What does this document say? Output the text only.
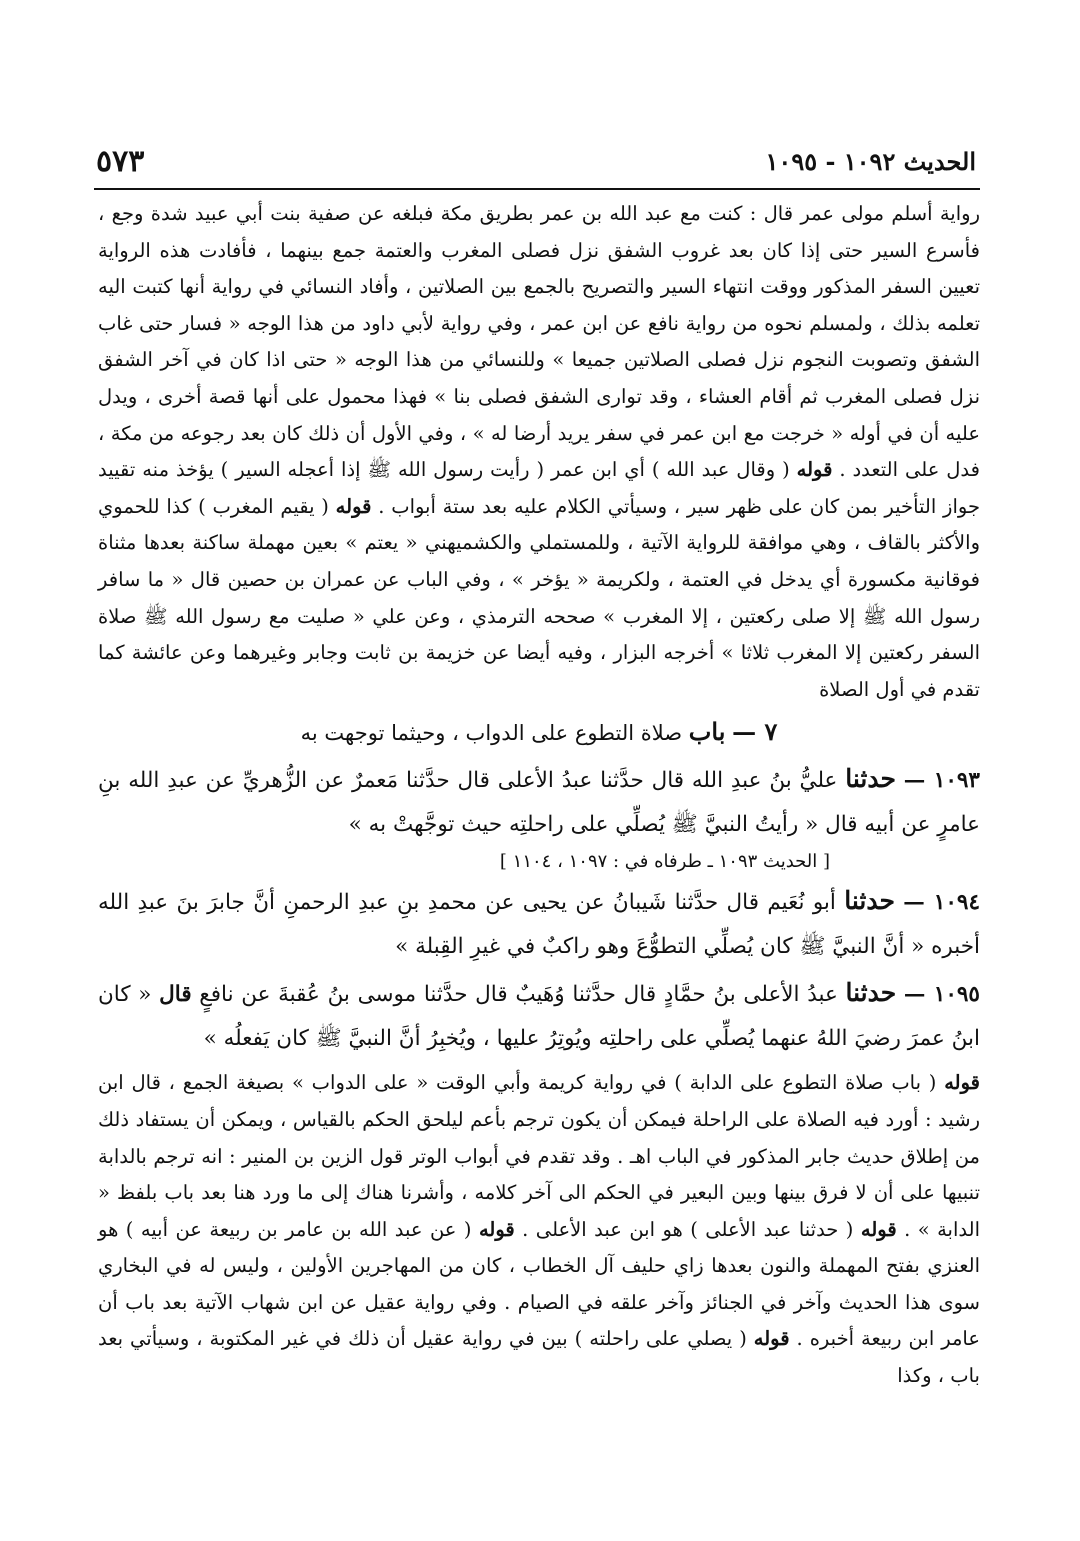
الحديث ١٠٩٢ - ١٠٩٥
٥٧٣

رواية أسلم مولى عمر قال : كنت مع عبد الله بن عمر بطريق مكة فبلغه عن صفية بنت أبي عبيد شدة وجع ، فأسرع السير حتى إذا كان بعد غروب الشفق نزل فصلى المغرب والعتمة جمع بينهما ، فأفادت هذه الرواية تعيين السفر المذكور ووقت انتهاء السير والتصريح بالجمع بين الصلاتين ، وأفاد النسائي في رواية أنها كتبت اليه تعلمه بذلك ، ولمسلم نحوه من رواية نافع عن ابن عمر ، وفي رواية لأبي داود من هذا الوجه « فسار حتى غاب الشفق وتصوبت النجوم نزل فصلى الصلاتين جميعا » وللنسائي من هذا الوجه « حتى اذا كان في آخر الشفق نزل فصلى المغرب ثم أقام العشاء ، وقد توارى الشفق فصلى بنا » فهذا محمول على أنها قصة أخرى ، ويدل عليه أن في أوله « خرجت مع ابن عمر في سفر يريد أرضا له » ، وفي الأول أن ذلك كان بعد رجوعه من مكة ، فدل على التعدد . قوله ( وقال عبد الله ) أي ابن عمر ( رأيت رسول الله ﷺ إذا أعجله السير ) يؤخذ منه تقييد جواز التأخير بمن كان على ظهر سير ، وسيأتي الكلام عليه بعد ستة أبواب . قوله ( يقيم المغرب ) كذا للحموي والأكثر بالقاف ، وهي موافقة للرواية الآتية ، وللمستملي والكشميهني « يعتم » بعين مهملة ساكنة بعدها مثناة فوقانية مكسورة أي يدخل في العتمة ، ولكريمة « يؤخر » ، وفي الباب عن عمران بن حصين قال « ما سافر رسول الله ﷺ إلا صلى ركعتين ، إلا المغرب » صححه الترمذي ، وعن علي « صليت مع رسول الله ﷺ صلاة السفر ركعتين إلا المغرب ثلاثا » أخرجه البزار ، وفيه أيضا عن خزيمة بن ثابت وجابر وغيرهما وعن عائشة كما تقدم في أول الصلاة

٧ — باب صلاة التطوع على الدواب ، وحيثما توجهت به
١٠٩٣ — حدثنا عليُّ بنُ عبدِ الله قال حدَّثنا عبدُ الأعلى قال حدَّثنا مَعمرٌ عن الزُّهريِّ عن عبدِ الله بنِ عامرٍ عن أبيه قال « رأيتُ النبيَّ ﷺ يُصلِّي على راحلتِه حيث توجَّهتْ به »
[ الحديث ١٠٩٣ ـ طرفاه في : ١٠٩٧ ، ١١٠٤ ]
١٠٩٤ — حدثنا أبو نُعَيم قال حدَّثنا شَيبانُ عن يحيى عن محمدِ بنِ عبدِ الرحمنِ أنَّ جابرَ بنَ عبدِ الله أخبره « أنَّ النبيَّ ﷺ كان يُصلِّي التطوُّعَ وهو راكبٌ في غيرِ القِبلة »
١٠٩٥ — حدثنا عبدُ الأعلى بنُ حمَّادٍ قال حدَّثنا وُهَيبٌ قال حدَّثنا موسى بنُ عُقبةَ عن نافعٍ قال « كان ابنُ عمرَ رضيَ اللهُ عنهما يُصلِّي على راحلتِه ويُوتِرُ عليها ، ويُخبِرُ أنَّ النبيَّ ﷺ كان يَفعلُه »

قوله ( باب صلاة التطوع على الدابة ) في رواية كريمة وأبي الوقت « على الدواب » بصيغة الجمع ، قال ابن رشيد : أورد فيه الصلاة على الراحلة فيمكن أن يكون ترجم بأعم ليلحق الحكم بالقياس ، ويمكن أن يستفاد ذلك من إطلاق حديث جابر المذكور في الباب اهـ . وقد تقدم في أبواب الوتر قول الزين بن المنير : انه ترجم بالدابة تنبيها على أن لا فرق بينها وبين البعير في الحكم الى آخر كلامه ، وأشرنا هناك إلى ما ورد هنا بعد باب بلفظ « الدابة » . قوله ( حدثنا عبد الأعلى ) هو ابن عبد الأعلى . قوله ( عن عبد الله بن عامر بن ربيعة عن أبيه ) هو العنزي بفتح المهملة والنون بعدها زاي حليف آل الخطاب ، كان من المهاجرين الأولين ، وليس له في البخاري سوى هذا الحديث وآخر في الجنائز وآخر علقه في الصيام . وفي رواية عقيل عن ابن شهاب الآتية بعد باب أن عامر ابن ربيعة أخبره . قوله ( يصلي على راحلته ) بين في رواية عقيل أن ذلك في غير المكتوبة ، وسيأتي بعد باب ، وكذا
